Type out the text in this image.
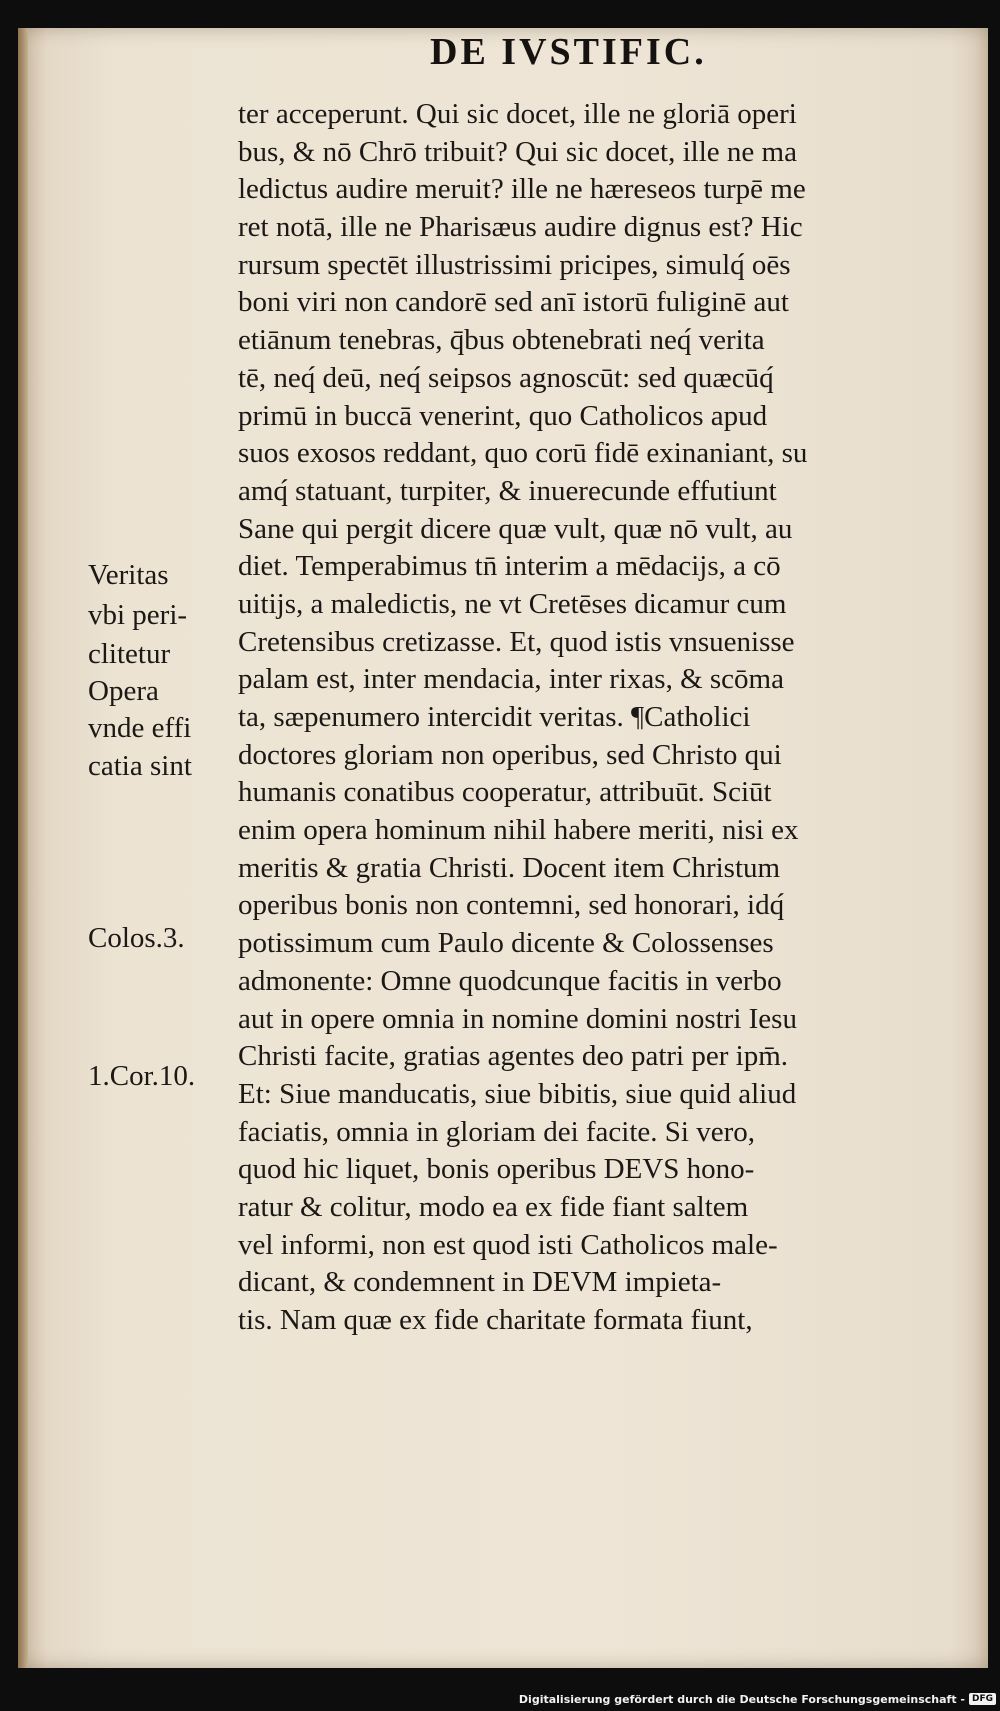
DE IVSTIFIC.
ter acceperunt. Qui sic docet, ille ne gloriā operi
bus, & nō Chrō tribuit? Qui sic docet, ille ne ma
ledictus audire meruit? ille ne hæreseos turpē me
ret notā, ille ne Pharisæus audire dignus est? Hic
rursum spectēt illustrissimi pricipes, simulq́ oēs
boni viri non candorē sed anī istorū fuliginē aut
etiānum tenebras, q̄bus obtenebrati neq́ verita
tē, neq́ deū, neq́ seipsos agnoscūt: sed quæcūq́
primū in buccā venerint, quo Catholicos apud
suos exosos reddant, quo corū fidē exinaniant, su
amq́ statuant, turpiter, & inuerecunde effutiunt
Sane qui pergit dicere quæ vult, quæ nō vult, au
diet. Temperabimus tn̄ interim a mēdacijs, a cō
uitijs, a maledictis, ne vt Cretēses dicamur cum
Cretensibus cretizasse. Et, quod istis vnsuenisse
palam est, inter mendacia, inter rixas, & scōma
ta, sæpenumero intercidit veritas. ¶Catholici
doctores gloriam non operibus, sed Christo qui
humanis conatibus cooperatur, attribuūt. Sciūt
enim opera hominum nihil habere meriti, nisi ex
meritis & gratia Christi. Docent item Christum
operibus bonis non contemni, sed honorari, idq́
potissimum cum Paulo dicente & Colossenses
admonente: Omne quodcunque facitis in verbo
aut in opere omnia in nomine domini nostri Iesu
Christi facite, gratias agentes deo patri per ipm̄.
Et: Siue manducatis, siue bibitis, siue quid aliud
faciatis, omnia in gloriam dei facite. Si vero,
quod hic liquet, bonis operibus DEVS hono-
ratur & colitur, modo ea ex fide fiant saltem
vel informi, non est quod isti Catholicos male-
dicant, & condemnent in DEVM impieta-
tis. Nam quæ ex fide charitate formata fiunt,
Veritas
vbi peri-
clitetur
Opera
vnde effi
catia sint
Colos.3.
1.Cor.10.
Digitalisierung gefördert durch die Deutsche Forschungsgemeinschaft - DFG
